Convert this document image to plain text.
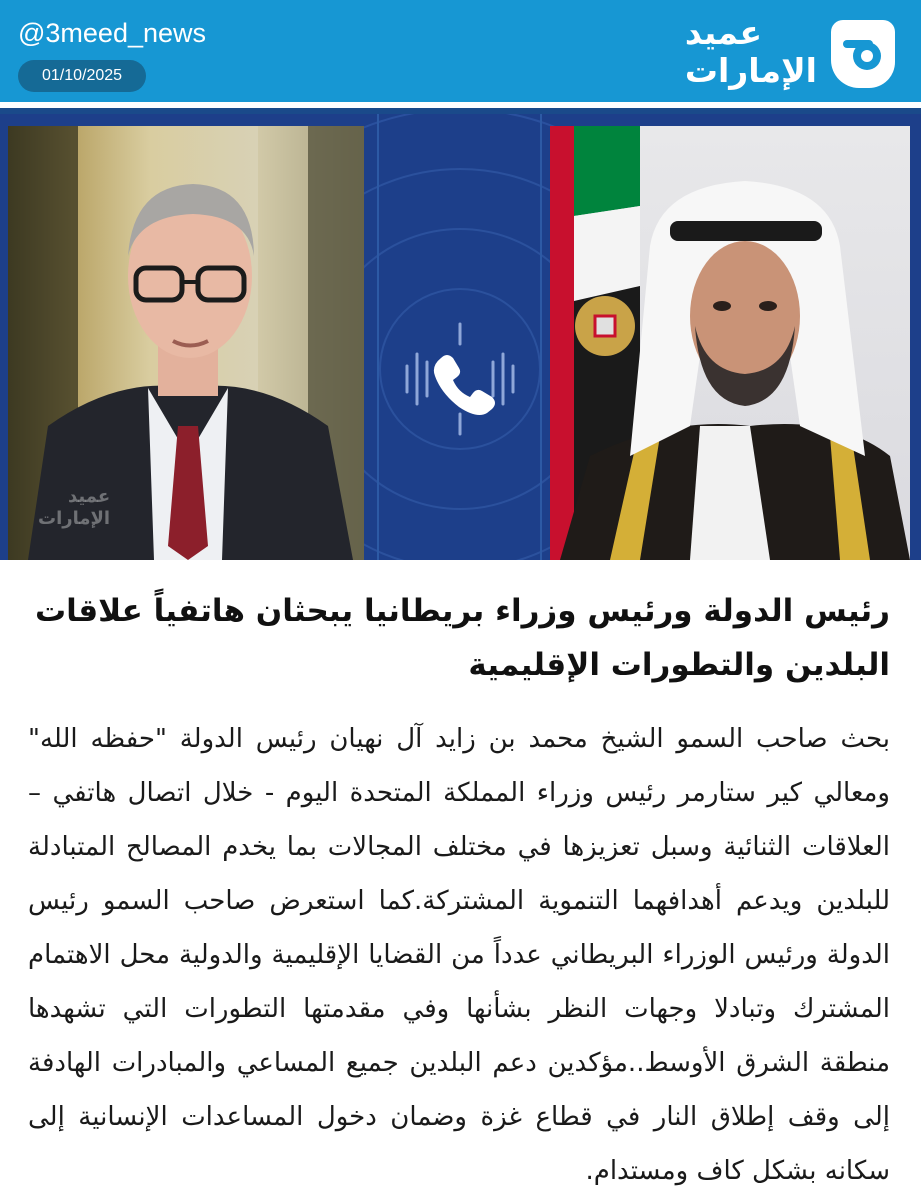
@3meed_news
01/10/2025
عميد
الإمارات
عميد
الإمارات
رئيس الدولة ورئيس وزراء بريطانيا يبحثان هاتفياً علاقات البلدين والتطورات الإقليمية
بحث صاحب السمو الشيخ محمد بن زايد آل نهيان رئيس الدولة "حفظه الله" ومعالي كير ستارمر رئيس وزراء المملكة المتحدة اليوم - خلال اتصال هاتفي – العلاقات الثنائية وسبل تعزيزها في مختلف المجالات بما يخدم المصالح المتبادلة للبلدين ويدعم أهدافهما التنموية المشتركة.كما استعرض صاحب السمو رئيس الدولة ورئيس الوزراء البريطاني عدداً من القضايا الإقليمية والدولية محل الاهتمام المشترك وتبادلا وجهات النظر بشأنها وفي مقدمتها التطورات التي تشهدها منطقة الشرق الأوسط..مؤكدين دعم البلدين جميع المساعي والمبادرات الهادفة إلى وقف إطلاق النار في قطاع غزة وضمان دخول المساعدات الإنسانية إلى سكانه بشكل كاف ومستدام.
